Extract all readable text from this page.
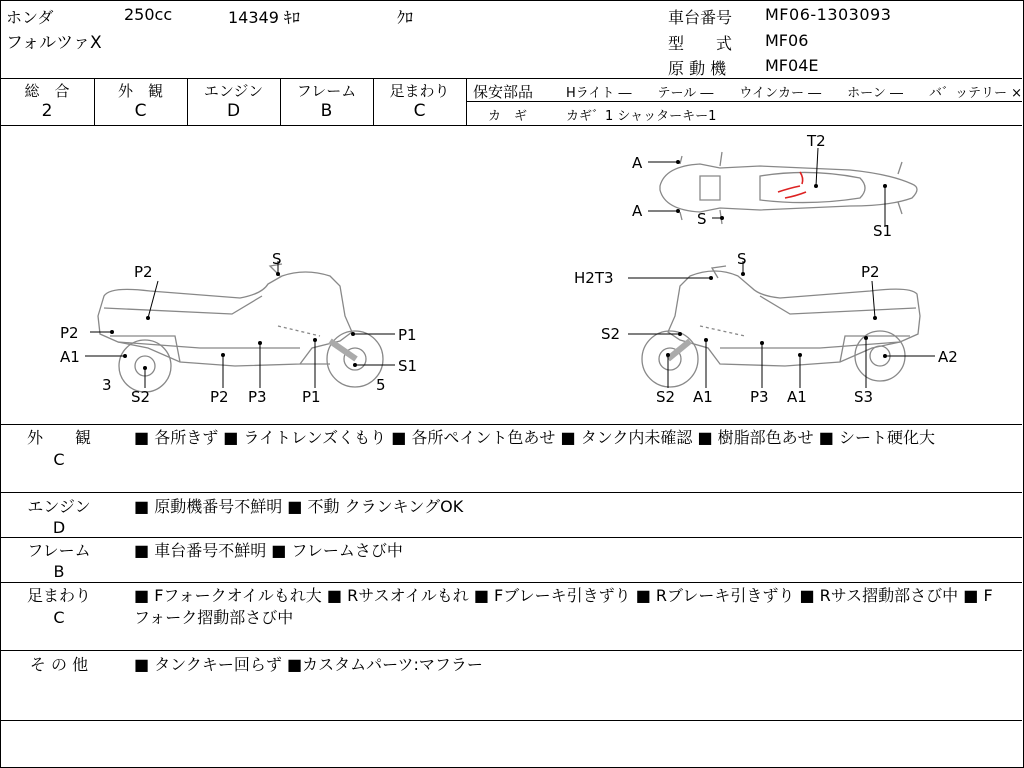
ホンダ	250cc	14349 ｷﾛ	ｸﾛ
フォルツァX
車台番号 MF06-1303093
型　　式 MF06
原 動 機 MF04E
総　合
2
外　観
C
エンジン
D
フレーム
B
足まわり
C
保安部品	Hライト ―　　テール ―　　ウインカー ―　　ホーン ―　　バ゛ッテリー ×
カ　ギ	カギ゛1 シャッターキー1
S
P2
P2
A1
P1
S1
3
S2	P2 P3 P1
5
S
H2T3	P2
S2
A2
S2 A1 P3 A1	S3
A
A	S
T2
S1
外　　観
C
■ 各所きず ■ ライトレンズくもり ■ 各所ペイント色あせ ■ タンク内未確認 ■ 樹脂部色あせ ■ シート硬化大
エンジン
D
■ 原動機番号不鮮明 ■ 不動 クランキングOK
フレーム
B
■ 車台番号不鮮明 ■ フレームさび中
足まわり
C
■ Fフォークオイルもれ大 ■ Rサスオイルもれ ■ Fブレーキ引きずり ■ Rブレーキ引きずり ■ Rサス摺動部さび中 ■ Fフォーク摺動部さび中
そ の 他	■ タンクキー回らず ■カスタムパーツ:マフラー
